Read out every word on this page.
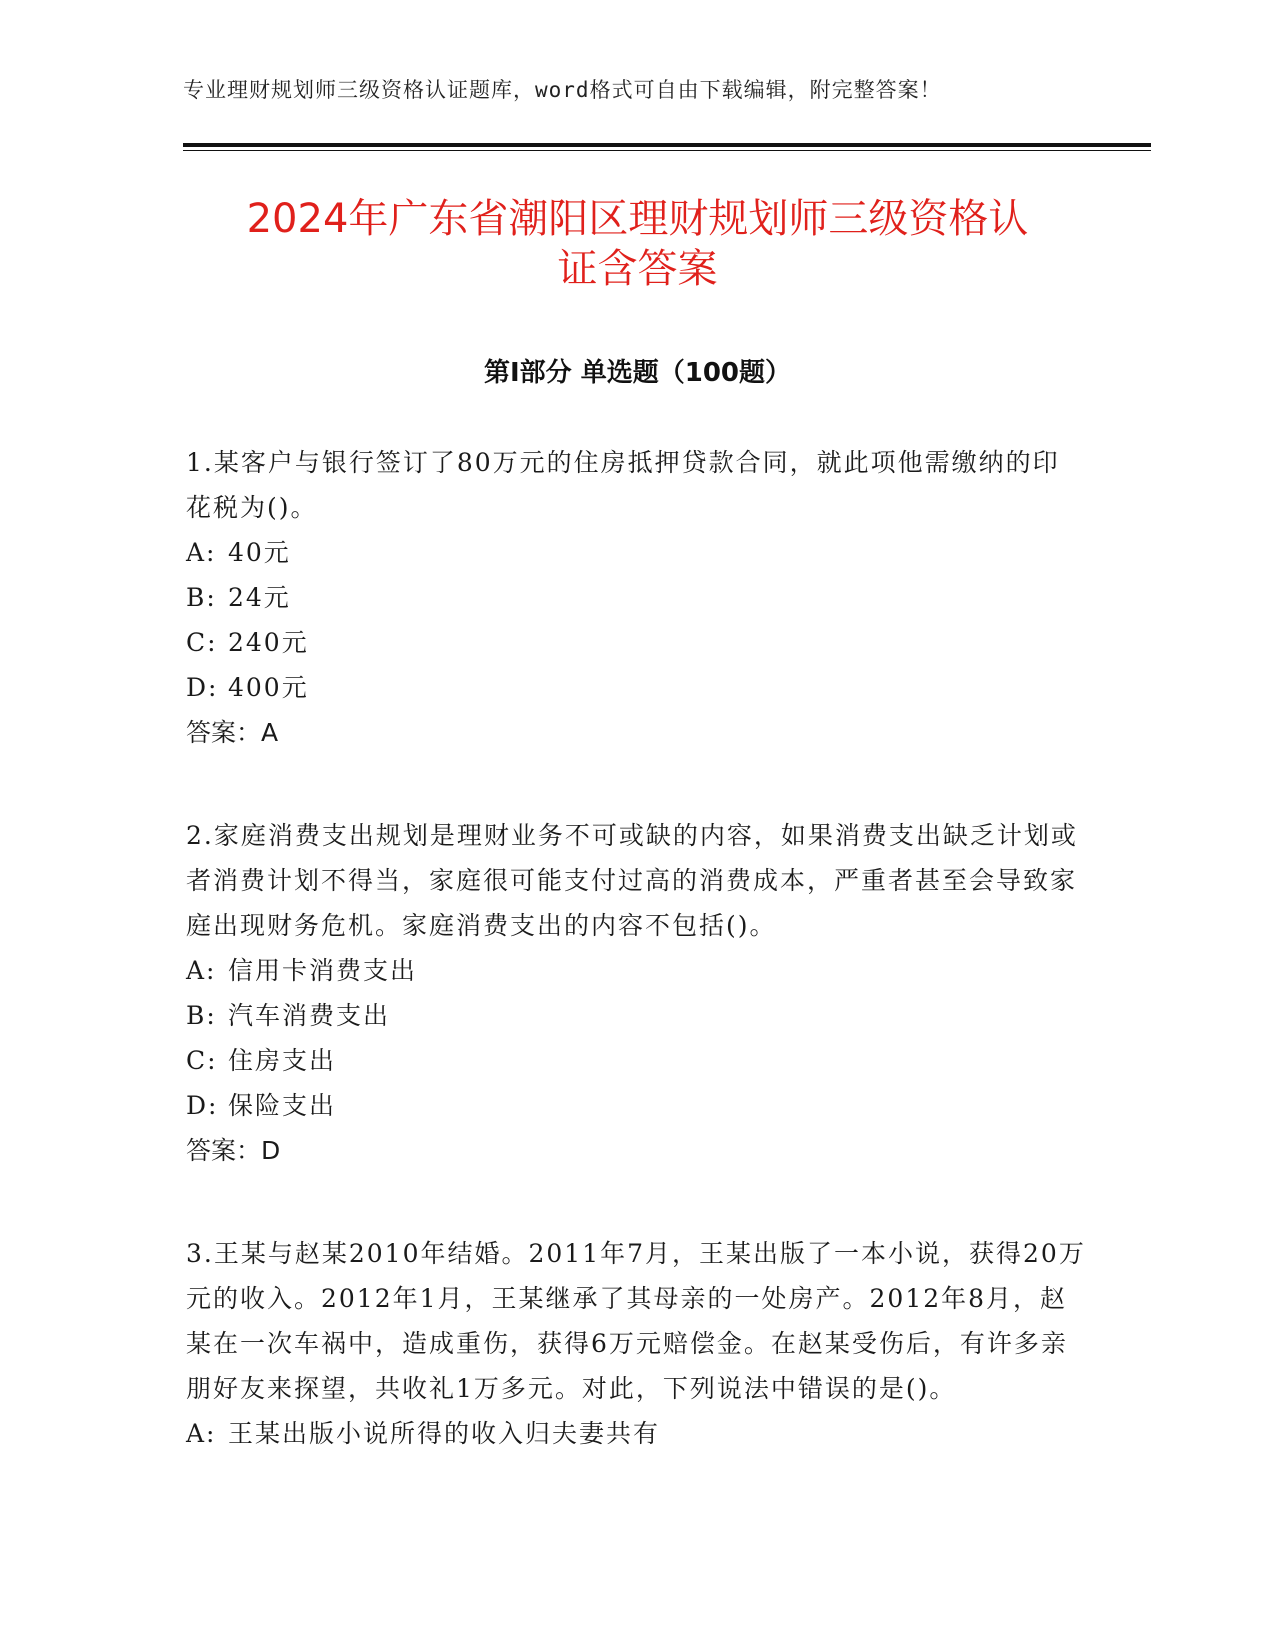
专业理财规划师三级资格认证题库，word格式可自由下载编辑，附完整答案！
2024年广东省潮阳区理财规划师三级资格认
证含答案
第Ⅰ部分 单选题（100题）

1.某客户与银行签订了80万元的住房抵押贷款合同，就此项他需缴纳的印花税为()。

A: 40元

B: 24元

C: 240元

D: 400元

答案：A

2.家庭消费支出规划是理财业务不可或缺的内容，如果消费支出缺乏计划或者消费计划不得当，家庭很可能支付过高的消费成本，严重者甚至会导致家庭出现财务危机。家庭消费支出的内容不包括()。

A: 信用卡消费支出

B: 汽车消费支出

C: 住房支出

D: 保险支出

答案：D

3.王某与赵某2010年结婚。2011年7月，王某出版了一本小说，获得20万元的收入。2012年1月，王某继承了其母亲的一处房产。2012年8月，赵某在一次车祸中，造成重伤，获得6万元赔偿金。在赵某受伤后，有许多亲朋好友来探望，共收礼1万多元。对此，下列说法中错误的是()。

A: 王某出版小说所得的收入归夫妻共有
